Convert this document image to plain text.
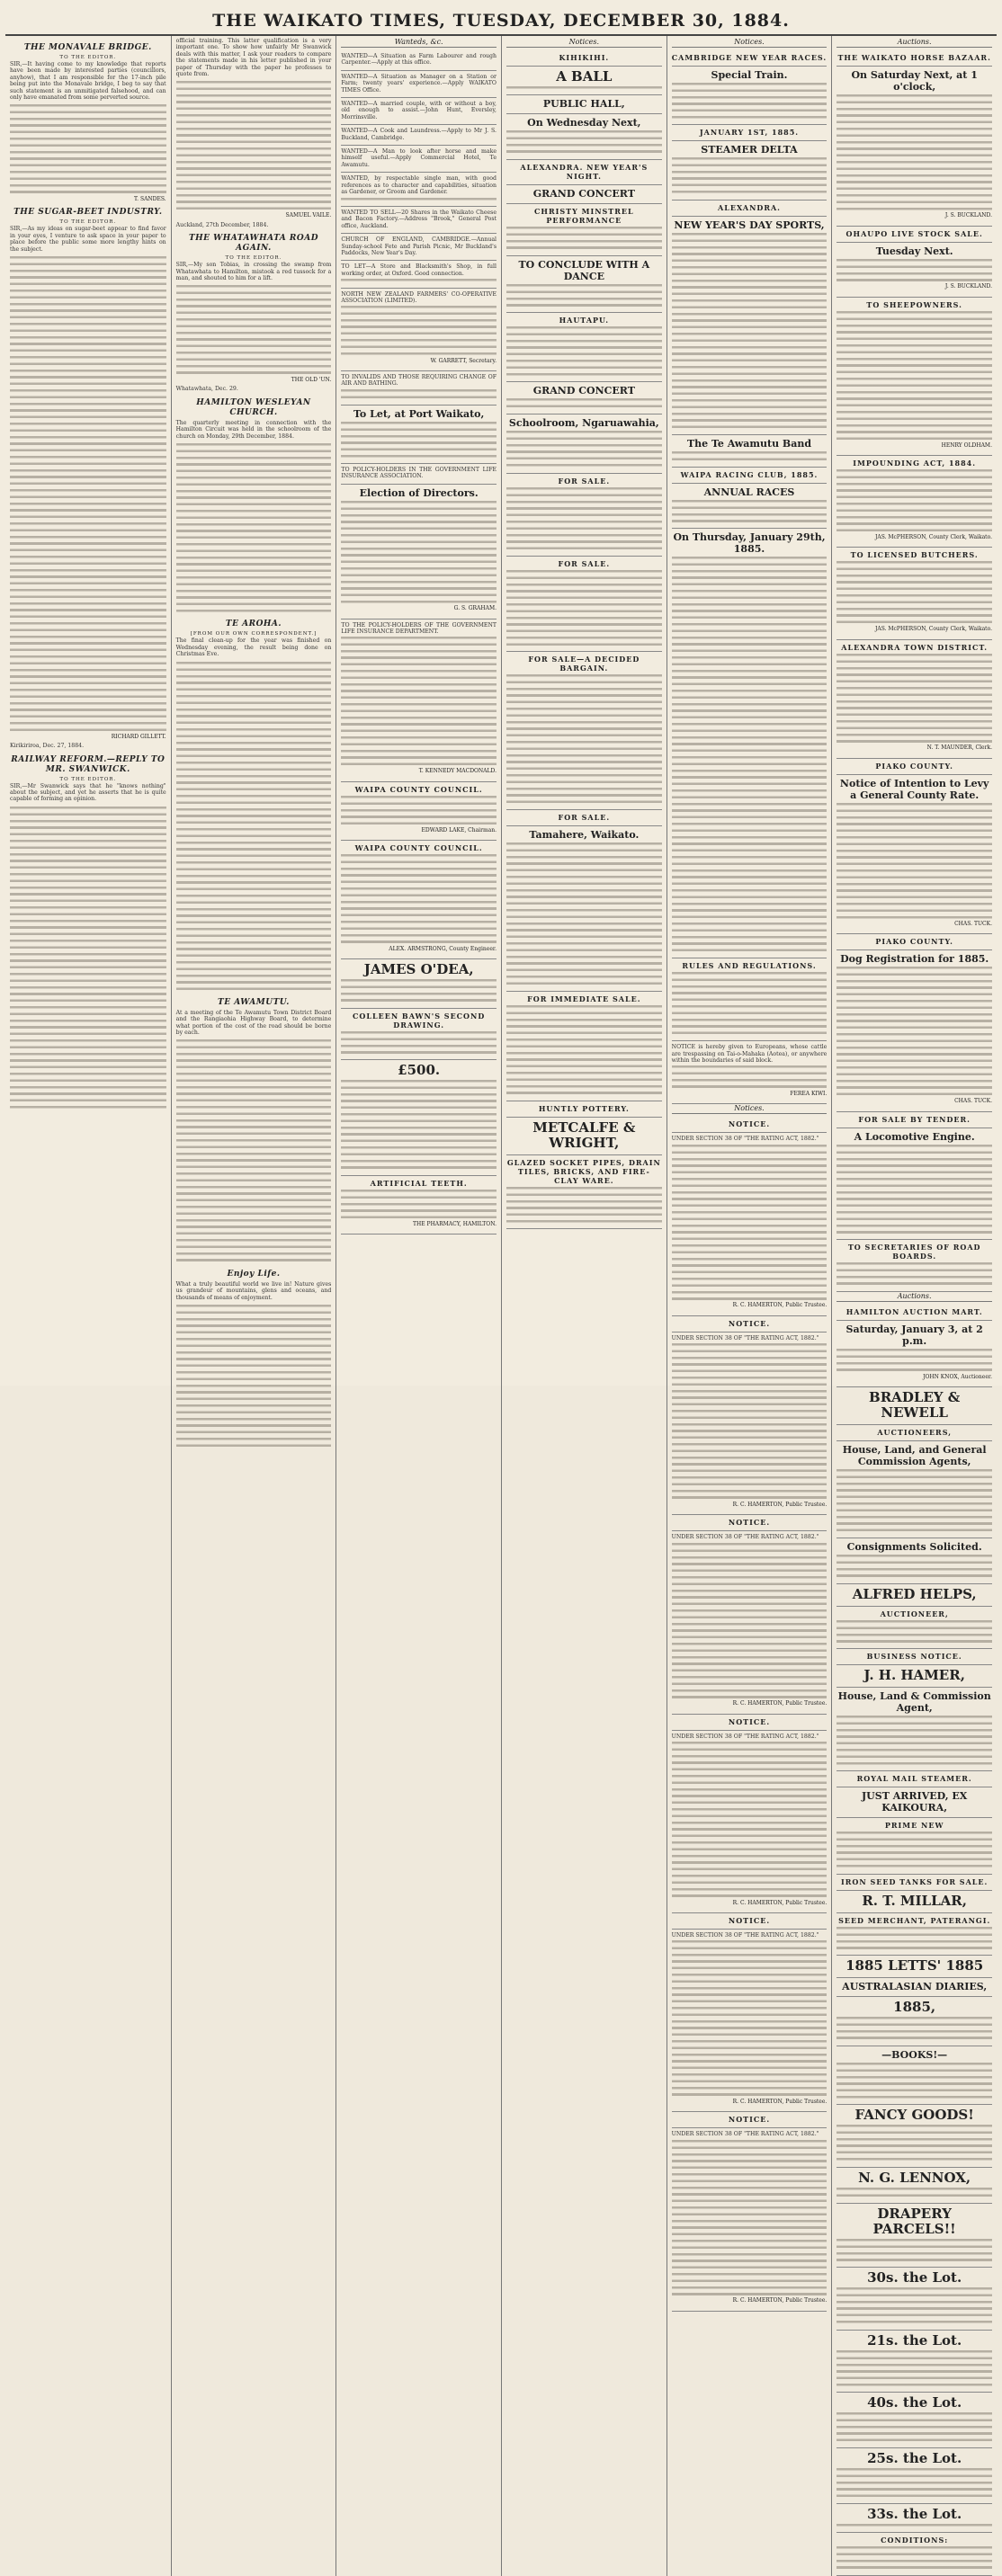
THE WAIKATO TIMES, TUESDAY, DECEMBER 30, 1884.
THE MONAVALE BRIDGE.
TO THE EDITOR.
SIR,—It having come to my knowledge that reports have been made by interested parties (councillors, anyhow), that I am responsible for the 17-inch pile being put into the Monavale bridge, I beg to say that such statement is an unmitigated falsehood, and can only have emanated from some perverted source.
T. SANDES.
THE SUGAR-BEET INDUSTRY.
TO THE EDITOR.
SIR,—As my ideas on sugar-beet appear to find favor in your eyes, I venture to ask space in your paper to place before the public some more lengthy hints on the subject.
RICHARD GILLETT.
Kirikiriroa, Dec. 27, 1884.
RAILWAY REFORM.—REPLY TO MR. SWANWICK.
TO THE EDITOR.
SIR,—Mr Swanwick says that he "knows nothing" about the subject, and yet he asserts that he is quite capable of forming an opinion.
official training. This latter qualification is a very important one. To show how unfairly Mr Swanwick deals with this matter, I ask your readers to compare the statements made in his letter published in your paper of Thursday with the paper he professes to quote from.
SAMUEL VAILE.
Auckland, 27th December, 1884.
THE WHATAWHATA ROAD AGAIN.
TO THE EDITOR.
SIR,—My son Tobias, in crossing the swamp from Whatawhata to Hamilton, mistook a red tussock for a man, and shouted to him for a lift.
THE OLD 'UN.
Whatawhata, Dec. 29.
HAMILTON WESLEYAN CHURCH.
The quarterly meeting in connection with the Hamilton Circuit was held in the schoolroom of the church on Monday, 29th December, 1884.
TE AROHA.
[FROM OUR OWN CORRESPONDENT.]
The final clean-up for the year was finished on Wednesday evening, the result being done on Christmas Eve.
TE AWAMUTU.
At a meeting of the Te Awamutu Town District Board and the Rangiaohia Highway Board, to determine what portion of the cost of the road should be borne by each.
Enjoy Life.
What a truly beautiful world we live in! Nature gives us grandeur of mountains, glens and oceans, and thousands of means of enjoyment.
Wanteds, &c.
WANTED—A Situation as Farm Labourer and rough Carpenter.—Apply at this office.
WANTED—A Situation as Manager on a Station or Farm; twenty years' experience.—Apply WAIKATO TIMES Office.
WANTED—A married couple, with or without a boy, old enough to assist.—John Hunt, Eversley, Morrinsville.
WANTED—A Cook and Laundress.—Apply to Mr J. S. Buckland, Cambridge.
WANTED—A Man to look after horse and make himself useful.—Apply Commercial Hotel, Te Awamutu.
WANTED, by respectable single man, with good references as to character and capabilities, situation as Gardener, or Groom and Gardener.
WANTED TO SELL—20 Shares in the Waikato Cheese and Bacon Factory.—Address "Brook," General Post office, Auckland.
CHURCH OF ENGLAND, CAMBRIDGE.—Annual Sunday-school Fete and Parish Picnic, Mr Buckland's Paddocks, New Year's Day.
TO LET—A Store and Blacksmith's Shop, in full working order, at Oxford. Good connection.
NORTH NEW ZEALAND FARMERS' CO-OPERATIVE ASSOCIATION (LIMITED).
W. GARRETT, Secretary.
TO INVALIDS AND THOSE REQUIRING CHANGE OF AIR AND BATHING.
To Let, at Port Waikato,
TO POLICY-HOLDERS IN THE GOVERNMENT LIFE INSURANCE ASSOCIATION.
Election of Directors.
G. S. GRAHAM.
TO THE POLICY-HOLDERS OF THE GOVERNMENT LIFE INSURANCE DEPARTMENT.
T. KENNEDY MACDONALD.
WAIPA COUNTY COUNCIL.
EDWARD LAKE, Chairman.
WAIPA COUNTY COUNCIL.
ALEX. ARMSTRONG, County Engineer.
JAMES O'DEA,
COLLEEN BAWN'S SECOND DRAWING.
£500.
ARTIFICIAL TEETH.
THE PHARMACY, HAMILTON.
Notices.
KIHIKIHI.
A BALL
PUBLIC HALL,
On Wednesday Next,
ALEXANDRA. NEW YEAR'S NIGHT.
GRAND CONCERT
CHRISTY MINSTREL PERFORMANCE
TO CONCLUDE WITH A DANCE
HAUTAPU.
GRAND CONCERT
Schoolroom, Ngaruawahia,
FOR SALE.
FOR SALE.
FOR SALE—A DECIDED BARGAIN.
FOR SALE.
Tamahere, Waikato.
FOR IMMEDIATE SALE.
HUNTLY POTTERY.
METCALFE & WRIGHT,
GLAZED SOCKET PIPES, DRAIN TILES, BRICKS, AND FIRE-CLAY WARE.
Notices.
CAMBRIDGE NEW YEAR RACES.
Special Train.
JANUARY 1ST, 1885.
STEAMER DELTA
ALEXANDRA.
NEW YEAR'S DAY SPORTS,
The Te Awamutu Band
WAIPA RACING CLUB, 1885.
ANNUAL RACES
On Thursday, January 29th, 1885.
RULES AND REGULATIONS.
NOTICE is hereby given to Europeans, whose cattle are trespassing on Tai-o-Mahaka (Aotea), or anywhere within the boundaries of said block.
FEREA KIWI.
Notices.
NOTICE.
UNDER SECTION 38 OF "THE RATING ACT, 1882."
R. C. HAMERTON, Public Trustee.
NOTICE.
UNDER SECTION 38 OF "THE RATING ACT, 1882."
R. C. HAMERTON, Public Trustee.
NOTICE.
UNDER SECTION 38 OF "THE RATING ACT, 1882."
R. C. HAMERTON, Public Trustee.
NOTICE.
UNDER SECTION 38 OF "THE RATING ACT, 1882."
R. C. HAMERTON, Public Trustee.
NOTICE.
UNDER SECTION 38 OF "THE RATING ACT, 1882."
R. C. HAMERTON, Public Trustee.
NOTICE.
UNDER SECTION 38 OF "THE RATING ACT, 1882."
R. C. HAMERTON, Public Trustee.
Auctions.
THE WAIKATO HORSE BAZAAR.
On Saturday Next, at 1 o'clock,
J. S. BUCKLAND.
OHAUPO LIVE STOCK SALE.
Tuesday Next.
J. S. BUCKLAND.
TO SHEEPOWNERS.
HENRY OLDHAM.
IMPOUNDING ACT, 1884.
JAS. McPHERSON, County Clerk, Waikato.
TO LICENSED BUTCHERS.
JAS. McPHERSON, County Clerk, Waikato.
ALEXANDRA TOWN DISTRICT.
N. T. MAUNDER, Clerk.
PIAKO COUNTY.
Notice of Intention to Levy a General County Rate.
CHAS. TUCK.
PIAKO COUNTY.
Dog Registration for 1885.
CHAS. TUCK.
FOR SALE BY TENDER.
A Locomotive Engine.
TO SECRETARIES OF ROAD BOARDS.
Auctions.
HAMILTON AUCTION MART.
Saturday, January 3, at 2 p.m.
JOHN KNOX, Auctioneer.
BRADLEY & NEWELL
AUCTIONEERS,
House, Land, and General Commission Agents,
Consignments Solicited.
ALFRED HELPS,
AUCTIONEER,
BUSINESS NOTICE.
J. H. HAMER,
House, Land & Commission Agent,
ROYAL MAIL STEAMER.
JUST ARRIVED, EX KAIKOURA,
PRIME NEW
IRON SEED TANKS FOR SALE.
R. T. MILLAR,
SEED MERCHANT, PATERANGI.
1885 LETTS' 1885
AUSTRALASIAN DIARIES,
1885,
—BOOKS!—
FANCY GOODS!
N. G. LENNOX,
DRAPERY PARCELS!!
30s. the Lot.
21s. the Lot.
40s. the Lot.
25s. the Lot.
33s. the Lot.
CONDITIONS:
